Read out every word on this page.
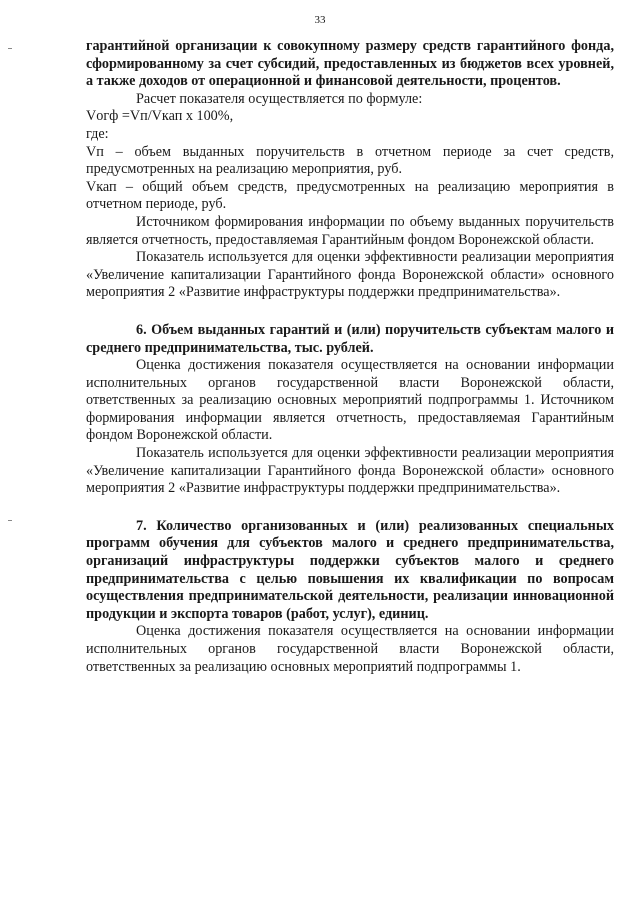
33

гарантийной организации к совокупному размеру средств гарантийного фонда, сформированному за счет субсидий, предоставленных из бюджетов всех уровней, а также доходов от операционной и финансовой деятельности, процентов.

Расчет показателя осуществляется по формуле:

Vогф =Vп/Vкап x 100%,

где:

Vп – объем выданных поручительств в отчетном периоде за счет средств, предусмотренных на реализацию мероприятия, руб.

Vкап – общий объем средств, предусмотренных на реализацию мероприятия в отчетном периоде, руб.

Источником формирования информации по объему выданных поручительств является отчетность, предоставляемая Гарантийным фондом Воронежской области.

Показатель используется для оценки эффективности реализации мероприятия «Увеличение капитализации Гарантийного фонда Воронежской области» основного мероприятия 2 «Развитие инфраструктуры поддержки предпринимательства».

6. Объем выданных гарантий и (или) поручительств субъектам малого и среднего предпринимательства, тыс. рублей.

Оценка достижения показателя осуществляется на основании информации исполнительных органов государственной власти Воронежской области, ответственных за реализацию основных мероприятий подпрограммы 1. Источником формирования информации является отчетность, предоставляемая Гарантийным фондом Воронежской области.

Показатель используется для оценки эффективности реализации мероприятия «Увеличение капитализации Гарантийного фонда Воронежской области» основного мероприятия 2 «Развитие инфраструктуры поддержки предпринимательства».

7. Количество организованных и (или) реализованных специальных программ обучения для субъектов малого и среднего предпринимательства, организаций инфраструктуры поддержки субъектов малого и среднего предпринимательства с целью повышения их квалификации по вопросам осуществления предпринимательской деятельности, реализации инновационной продукции и экспорта товаров (работ, услуг), единиц.

Оценка достижения показателя осуществляется на основании информации исполнительных органов государственной власти Воронежской области, ответственных за реализацию основных мероприятий подпрограммы 1.
